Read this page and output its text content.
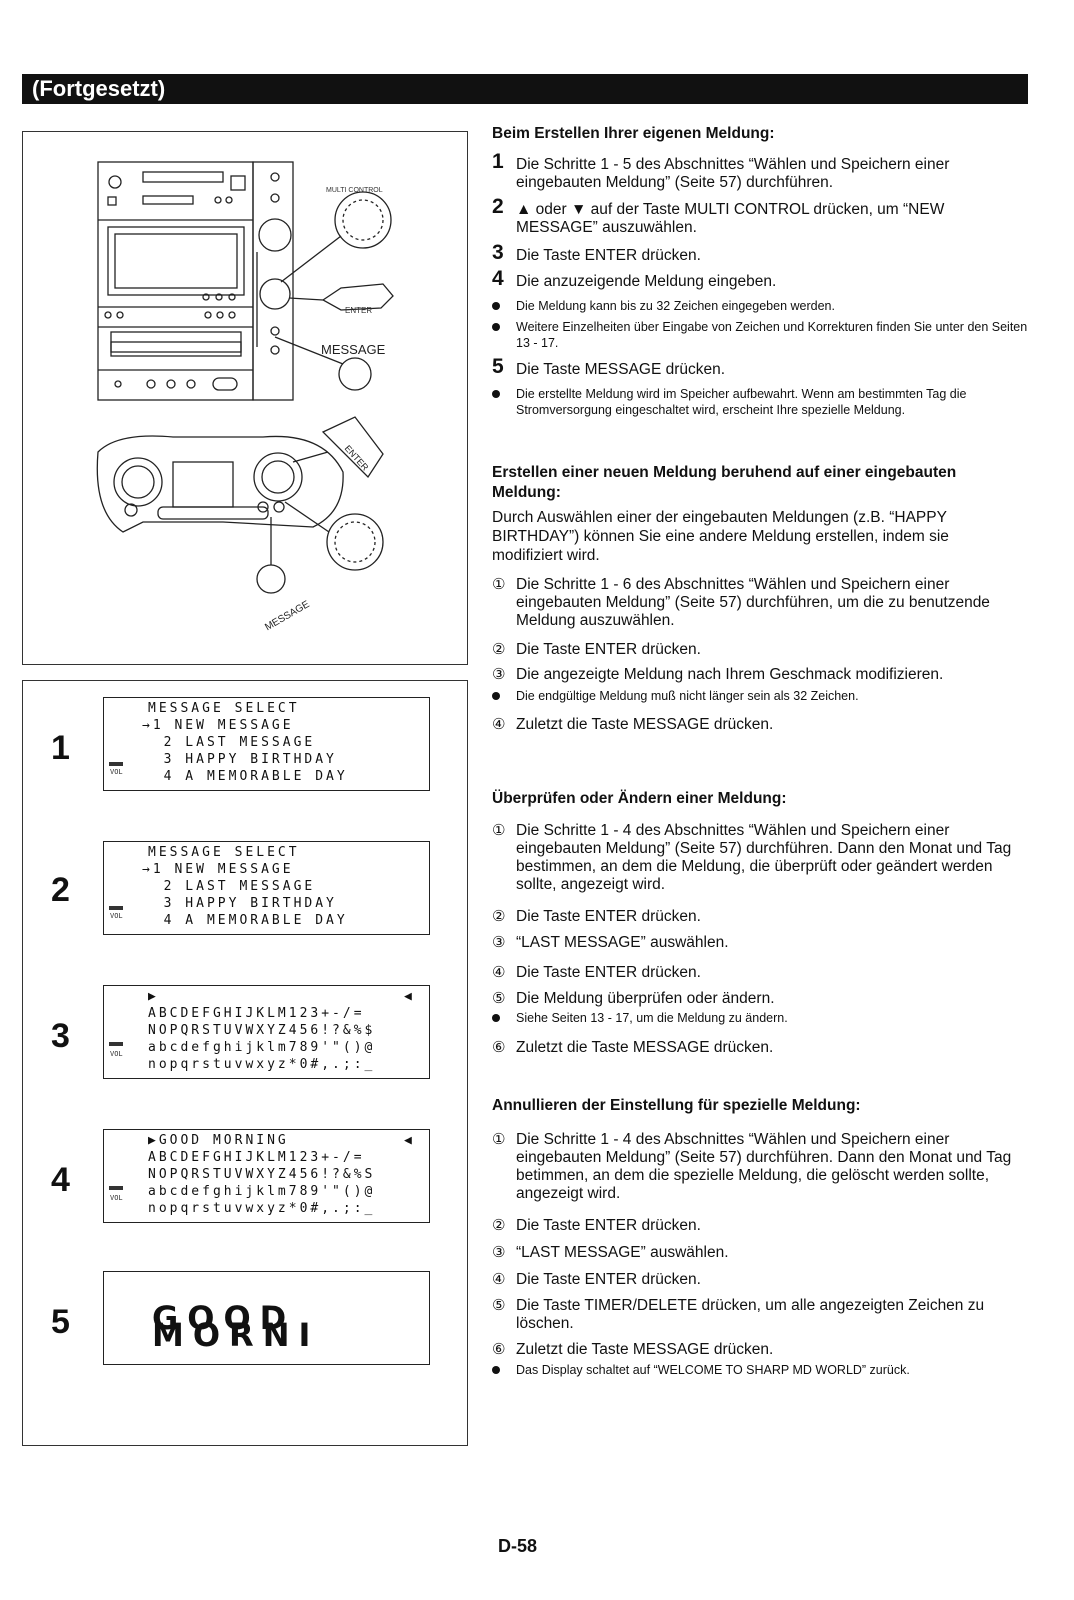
(Fortgesetzt)
MULTI CONTROL
ENTER
MESSAGE
ENTER
MESSAGE
1
MESSAGE SELECT
→1 NEW MESSAGE
2 LAST MESSAGE
3 HAPPY BIRTHDAY
4 A MEMORABLE DAY
VOL
2
MESSAGE SELECT
→1 NEW MESSAGE
2 LAST MESSAGE
3 HAPPY BIRTHDAY
4 A MEMORABLE DAY
VOL
3
▶	◀
ABCDEFGHIJKLM123+-/=
NOPQRSTUVWXYZ456!?&%$
abcdefghijklm789'"()@
nopqrstuvwxyz*0#,.;:_
VOL
4
▶GOOD MORNING	◀
ABCDEFGHIJKLM123+-/=
NOPQRSTUVWXYZ456!?&%S
abcdefghijklm789'"()@
nopqrstuvwxyz*0#,.;:_
VOL
5	GOOD MORNI
Beim Erstellen Ihrer eigenen Meldung:
1 Die Schritte 1 - 5 des Abschnittes “Wählen und Speichern einer eingebauten Meldung” (Seite 57) durchführen.
2 ▲ oder ▼ auf der Taste MULTI CONTROL drücken, um “NEW MESSAGE” auszuwählen.
3 Die Taste ENTER drücken.
4 Die anzuzeigende Meldung eingeben.
Die Meldung kann bis zu 32 Zeichen eingegeben werden.
Weitere Einzelheiten über Eingabe von Zeichen und Korrekturen finden Sie unter den Seiten 13 - 17.
5 Die Taste MESSAGE drücken.
Die erstellte Meldung wird im Speicher aufbewahrt. Wenn am bestimmten Tag die Stromversorgung eingeschaltet wird, erscheint Ihre spezielle Meldung.
Erstellen einer neuen Meldung beruhend auf einer eingebauten Meldung:
Durch Auswählen einer der eingebauten Meldungen (z.B. “HAPPY BIRTHDAY”) können Sie eine andere Meldung erstellen, indem sie modifiziert wird.
① Die Schritte 1 - 6 des Abschnittes “Wählen und Speichern einer eingebauten Meldung” (Seite 57) durchführen, um die zu benutzende Meldung auszuwählen.
② Die Taste ENTER drücken.
③ Die angezeigte Meldung nach Ihrem Geschmack modifizieren.
Die endgültige Meldung muß nicht länger sein als 32 Zeichen.
④ Zuletzt die Taste MESSAGE drücken.
Überprüfen oder Ändern einer Meldung:
① Die Schritte 1 - 4 des Abschnittes “Wählen und Speichern einer eingebauten Meldung” (Seite 57) durchführen. Dann den Monat und Tag bestimmen, an dem die Meldung, die überprüft oder geändert werden sollte, angezeigt wird.
② Die Taste ENTER drücken.
③ “LAST MESSAGE” auswählen.
④ Die Taste ENTER drücken.
⑤ Die Meldung überprüfen oder ändern.
Siehe Seiten 13 - 17, um die Meldung zu ändern.
⑥ Zuletzt die Taste MESSAGE drücken.
Annullieren der Einstellung für spezielle Meldung:
① Die Schritte 1 - 4 des Abschnittes “Wählen und Speichern einer eingebauten Meldung” (Seite 57) durchführen. Dann den Monat und Tag betimmen, an dem die spezielle Meldung, die gelöscht werden sollte, angezeigt wird.
② Die Taste ENTER drücken.
③ “LAST MESSAGE” auswählen.
④ Die Taste ENTER drücken.
⑤ Die Taste TIMER/DELETE drücken, um alle angezeigten Zeichen zu löschen.
⑥ Zuletzt die Taste MESSAGE drücken.
Das Display schaltet auf “WELCOME TO SHARP MD WORLD” zurück.
D-58
